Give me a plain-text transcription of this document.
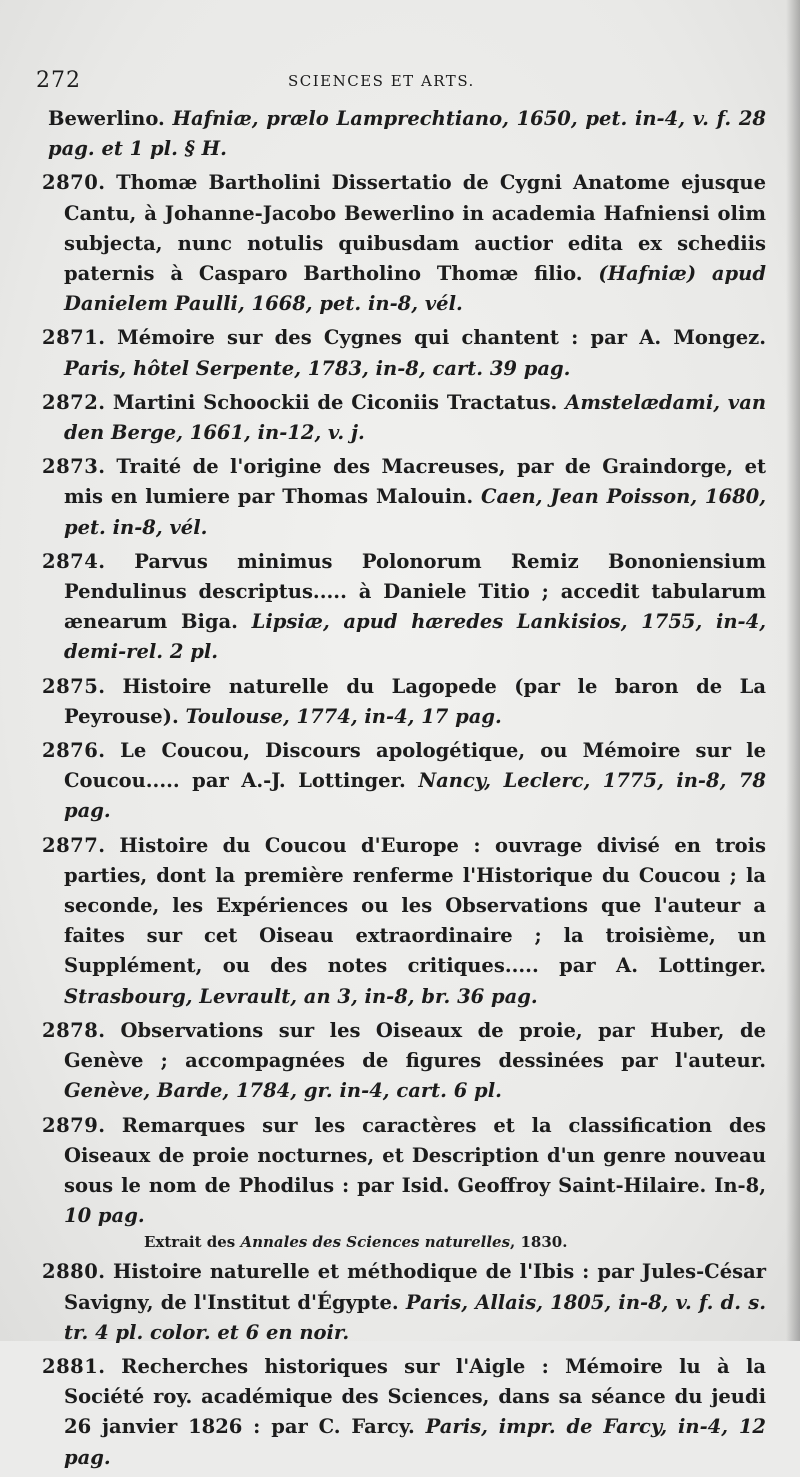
272	SCIENCES ET ARTS.

Bewerlino. Hafniæ, prælo Lamprechtiano, 1650, pet. in-4, v. f. 28 pag. et 1 pl. § H.

2870. Thomæ Bartholini Dissertatio de Cygni Anatome ejusque Cantu, à Johanne-Jacobo Bewerlino in academia Hafniensi olim subjecta, nunc notulis quibusdam auctior edita ex schediis paternis à Casparo Bartholino Thomæ filio. (Hafniæ) apud Danielem Paulli, 1668, pet. in-8, vél.

2871. Mémoire sur des Cygnes qui chantent : par A. Mongez. Paris, hôtel Serpente, 1783, in-8, cart. 39 pag.

2872. Martini Schoockii de Ciconiis Tractatus. Amstelædami, van den Berge, 1661, in-12, v. j.

2873. Traité de l'origine des Macreuses, par de Graindorge, et mis en lumiere par Thomas Malouin. Caen, Jean Poisson, 1680, pet. in-8, vél.

2874. Parvus minimus Polonorum Remiz Bononiensium Pendulinus descriptus..... à Daniele Titio ; accedit tabularum ænearum Biga. Lipsiæ, apud hæredes Lankisios, 1755, in-4, demi-rel. 2 pl.

2875. Histoire naturelle du Lagopede (par le baron de La Peyrouse). Toulouse, 1774, in-4, 17 pag.

2876. Le Coucou, Discours apologétique, ou Mémoire sur le Coucou..... par A.-J. Lottinger. Nancy, Leclerc, 1775, in-8, 78 pag.

2877. Histoire du Coucou d'Europe : ouvrage divisé en trois parties, dont la première renferme l'Historique du Coucou ; la seconde, les Expériences ou les Observations que l'auteur a faites sur cet Oiseau extraordinaire ; la troisième, un Supplément, ou des notes critiques..... par A. Lottinger. Strasbourg, Levrault, an 3, in-8, br. 36 pag.

2878. Observations sur les Oiseaux de proie, par Huber, de Genève ; accompagnées de figures dessinées par l'auteur. Genève, Barde, 1784, gr. in-4, cart. 6 pl.

2879. Remarques sur les caractères et la classification des Oiseaux de proie nocturnes, et Description d'un genre nouveau sous le nom de Phodilus : par Isid. Geoffroy Saint-Hilaire. In-8, 10 pag.
Extrait des Annales des Sciences naturelles, 1830.

2880. Histoire naturelle et méthodique de l'Ibis : par Jules-César Savigny, de l'Institut d'Égypte. Paris, Allais, 1805, in-8, v. f. d. s. tr. 4 pl. color. et 6 en noir.

2881. Recherches historiques sur l'Aigle : Mémoire lu à la Société roy. académique des Sciences, dans sa séance du jeudi 26 janvier 1826 : par C. Farcy. Paris, impr. de Farcy, in-4, 12 pag.
